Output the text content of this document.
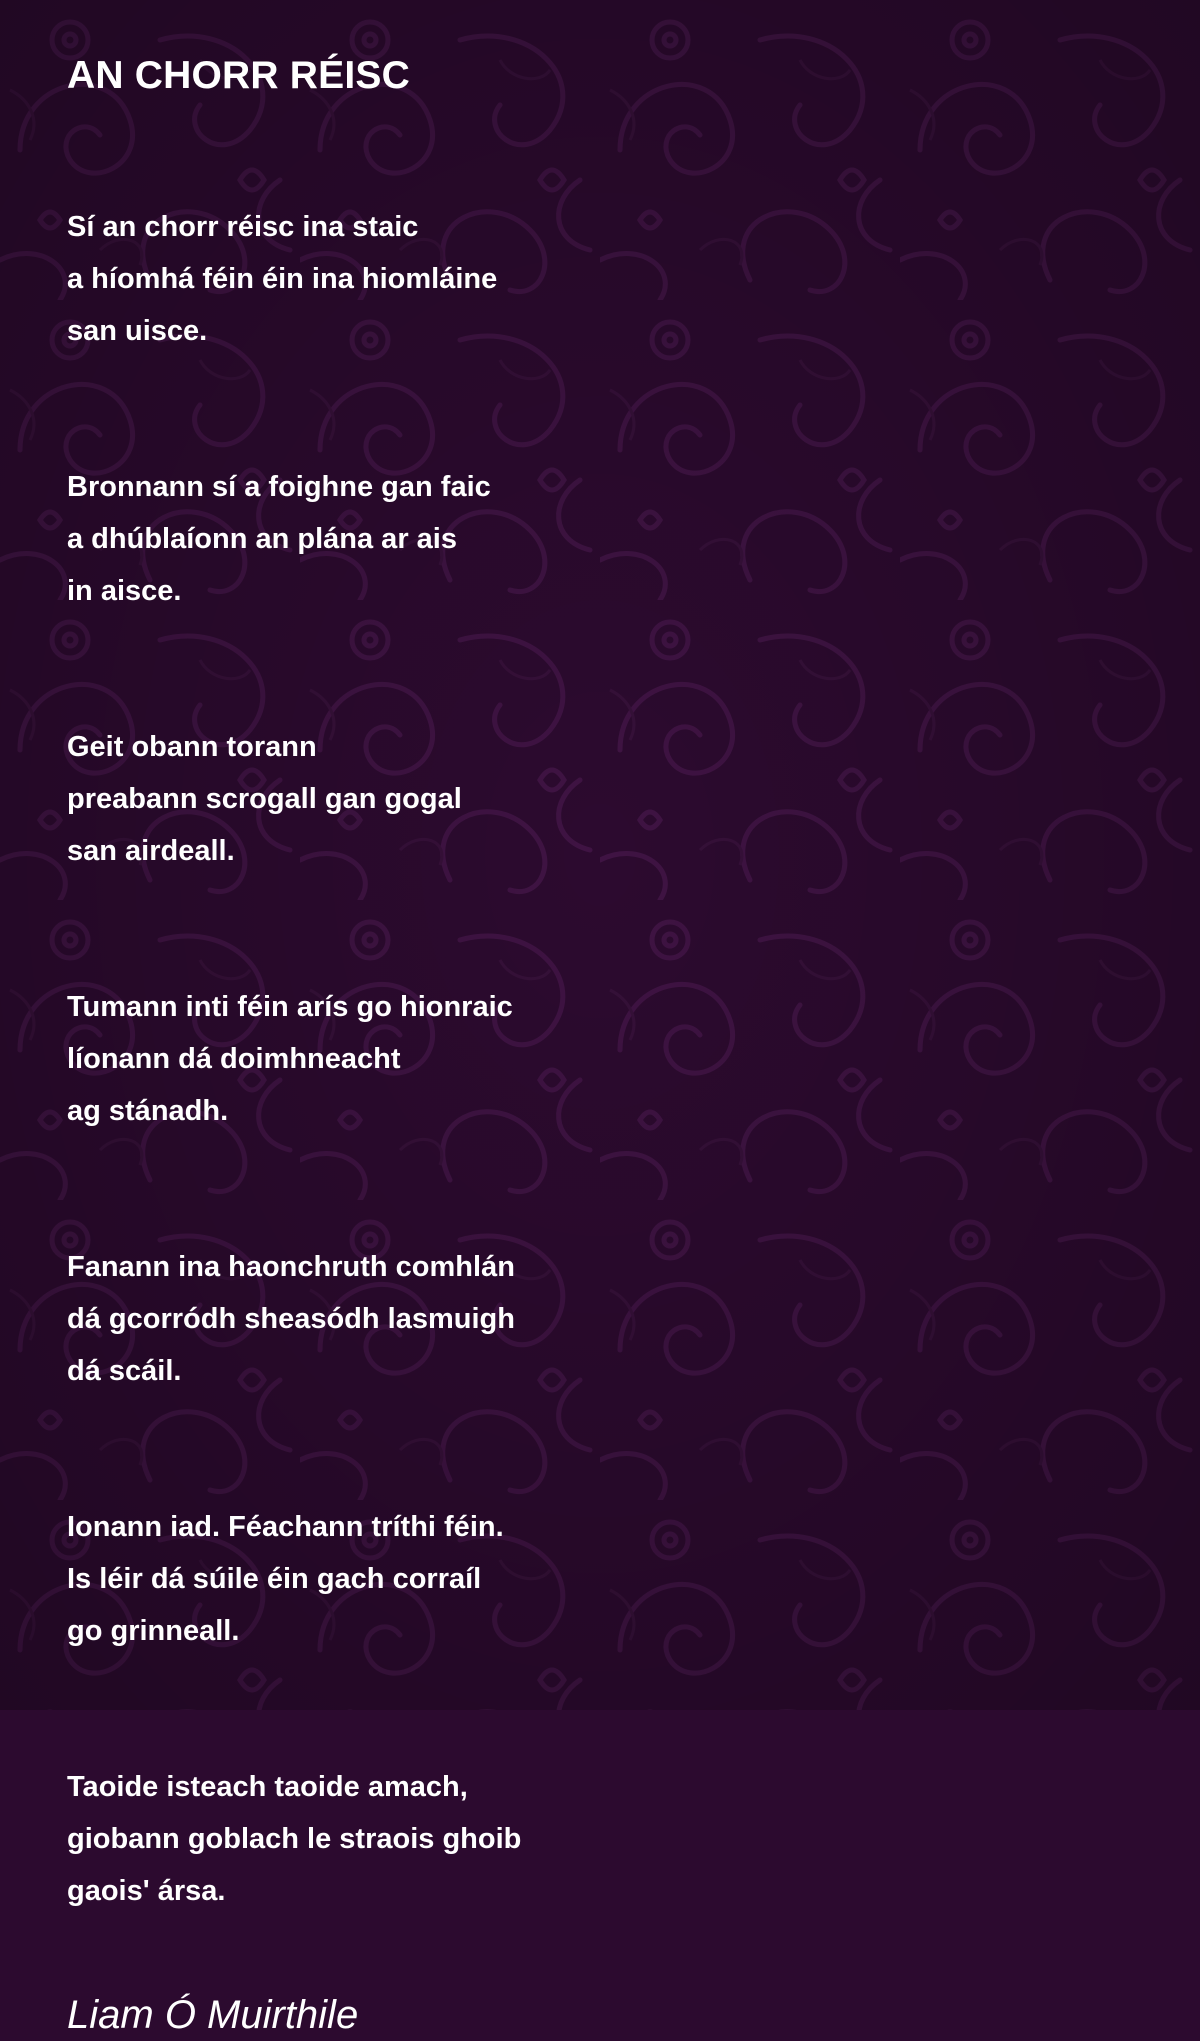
AN CHORR RÉISC
Sí an chorr réisc ina staic
a híomhá féin éin ina hiomláine
san uisce.
Bronnann sí a foighne gan faic
a dhúblaíonn an plána ar ais
in aisce.
Geit obann torann
preabann scrogall gan gogal
san airdeall.
Tumann inti féin arís go hionraic
líonann dá doimhneacht
ag stánadh.
Fanann ina haonchruth comhlán
dá gcorródh sheasódh lasmuigh
dá scáil.
Ionann iad. Féachann tríthi féin.
Is léir dá súile éin gach corraíl
go grinneall.
Taoide isteach taoide amach,
giobann goblach le straois ghoib
gaois' ársa.
Liam Ó Muirthile
